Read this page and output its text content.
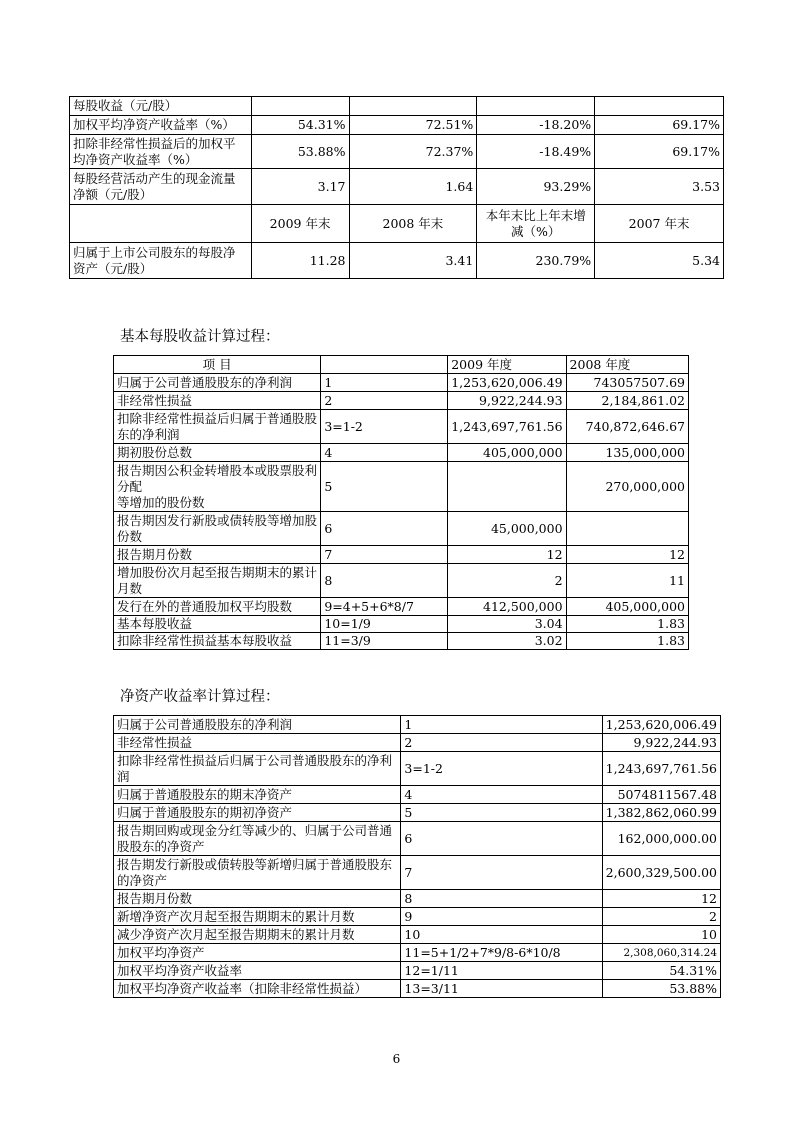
每股收益（元/股）				
加权平均净资产收益率（%）	54.31%	72.51%	-18.20%	69.17%
扣除非经常性损益后的加权平均净资产收益率（%）	53.88%	72.37%	-18.49%	69.17%
每股经营活动产生的现金流量净额（元/股）	3.17	1.64	93.29%	3.53
	2009 年末	2008 年末	本年末比上年末增减（%）	2007 年末
归属于上市公司股东的每股净资产（元/股）	11.28	3.41	230.79%	5.34
基本每股收益计算过程：
项 目		2009 年度	2008 年度
归属于公司普通股股东的净利润	1	1,253,620,006.49	743057507.69
非经常性损益	2	9,922,244.93	2,184,861.02
扣除非经常性损益后归属于普通股股东的净利润	3=1-2	1,243,697,761.56	740,872,646.67
期初股份总数	4	405,000,000	135,000,000
报告期因公积金转增股本或股票股利分配
等增加的股份数	5		270,000,000
报告期因发行新股或债转股等增加股份数	6	45,000,000	
报告期月份数	7	12	12
增加股份次月起至报告期期末的累计月数	8	2	11
发行在外的普通股加权平均股数	9=4+5+6*8/7	412,500,000	405,000,000
基本每股收益	10=1/9	3.04	1.83
扣除非经常性损益基本每股收益	11=3/9	3.02	1.83
净资产收益率计算过程：
归属于公司普通股股东的净利润	1	1,253,620,006.49
非经常性损益	2	9,922,244.93
扣除非经常性损益后归属于公司普通股股东的净利润	3=1-2	1,243,697,761.56
归属于普通股股东的期末净资产	4	5074811567.48
归属于普通股股东的期初净资产	5	1,382,862,060.99
报告期回购或现金分红等减少的、归属于公司普通股股东的净资产	6	162,000,000.00
报告期发行新股或债转股等新增归属于普通股股东的净资产	7	2,600,329,500.00
报告期月份数	8	12
新增净资产次月起至报告期期末的累计月数	9	2
减少净资产次月起至报告期期末的累计月数	10	10
加权平均净资产	11=5+1/2+7*9/8-6*10/8	2,308,060,314.24
加权平均净资产收益率	12=1/11	54.31%
加权平均净资产收益率（扣除非经常性损益）	13=3/11	53.88%
6
